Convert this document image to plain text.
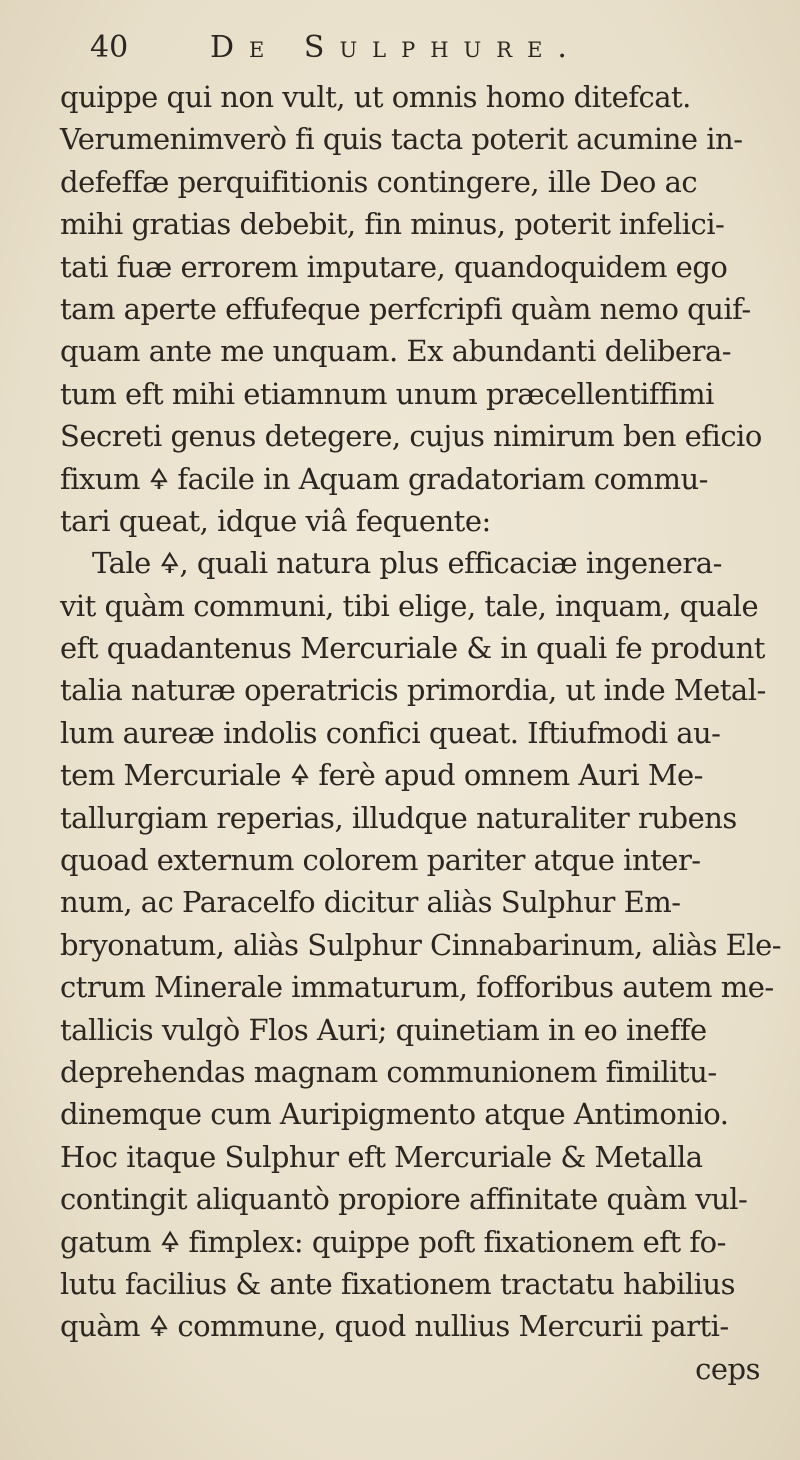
40	De Sulphure.
quippe qui non vult, ut omnis homo ditefcat.
Verumenimverò fi quis tacta poterit acumine in-
defeffæ perquifitionis contingere, ille Deo ac
mihi gratias debebit, fin minus, poterit infelici-
tati fuæ errorem imputare, quandoquidem ego
tam aperte effufeque perfcripfi quàm nemo quif-
quam ante me unquam. Ex abundanti delibera-
tum eft mihi etiamnum unum præcellentiffimi
Secreti genus detegere, cujus nimirum ben eficio
fixum 🜍 facile in Aquam gradatoriam commu-
tari queat, idque viâ fequente:
Tale 🜍, quali natura plus efficaciæ ingenera-
vit quàm communi, tibi elige, tale, inquam, quale
eft quadantenus Mercuriale & in quali fe produnt
talia naturæ operatricis primordia, ut inde Metal-
lum aureæ indolis confici queat. Iftiufmodi au-
tem Mercuriale 🜍 ferè apud omnem Auri Me-
tallurgiam reperias, illudque naturaliter rubens
quoad externum colorem pariter atque inter-
num, ac Paracelfo dicitur aliàs Sulphur Em-
bryonatum, aliàs Sulphur Cinnabarinum, aliàs Ele-
ctrum Minerale immaturum, fofforibus autem me-
tallicis vulgò Flos Auri; quinetiam in eo ineffe
deprehendas magnam communionem fimilitu-
dinemque cum Auripigmento atque Antimonio.
Hoc itaque Sulphur eft Mercuriale & Metalla
contingit aliquantò propiore affinitate quàm vul-
gatum 🜍 fimplex: quippe poft fixationem eft fo-
lutu facilius & ante fixationem tractatu habilius
quàm 🜍 commune, quod nullius Mercurii parti-
ceps
